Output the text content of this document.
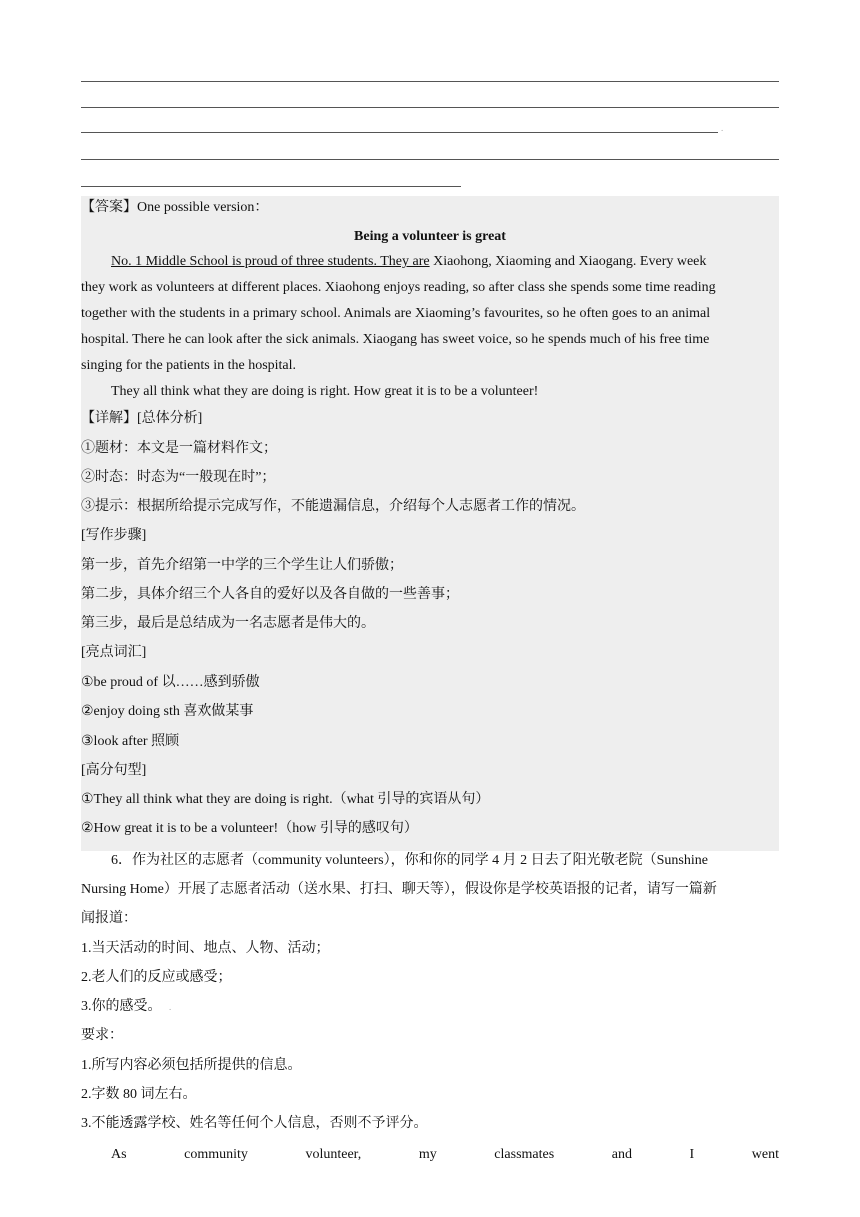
.
【答案】One possible version：
Being a volunteer is great
No. 1 Middle School is proud of three students. They are Xiaohong, Xiaoming and Xiaogang. Every week
they work as volunteers at different places. Xiaohong enjoys reading, so after class she spends some time reading
together with the students in a primary school. Animals are Xiaoming’s favourites, so he often goes to an animal
hospital. There he can look after the sick animals. Xiaogang has sweet voice, so he spends much of his free time
singing for the patients in the hospital.
They all think what they are doing is right. How great it is to be a volunteer!
【详解】[总体分析]
①题材：本文是一篇材料作文；
②时态：时态为“一般现在时”；
③提示：根据所给提示完成写作，不能遗漏信息，介绍每个人志愿者工作的情况。
[写作步骤]
第一步，首先介绍第一中学的三个学生让人们骄傲；
第二步，具体介绍三个人各自的爱好以及各自做的一些善事；
第三步，最后是总结成为一名志愿者是伟大的。
[亮点词汇]
①be proud of 以……感到骄傲
②enjoy doing sth 喜欢做某事
③look after 照顾
[高分句型]
①They all think what they are doing is right.（what 引导的宾语从句）
②How great it is to be a volunteer!（how 引导的感叹句）
6．作为社区的志愿者（community volunteers），你和你的同学 4 月 2 日去了阳光敬老院（Sunshine
Nursing Home）开展了志愿者活动（送水果、打扫、聊天等），假设你是学校英语报的记者，请写一篇新
闻报道：
1.当天活动的时间、地点、人物、活动；
2.老人们的反应或感受；
3.你的感受。 .
要求：
1.所写内容必须包括所提供的信息。
2.字数 80 词左右。
3.不能透露学校、姓名等任何个人信息，否则不予评分。
As	community	volunteer,	my	classmates	and	I	went
